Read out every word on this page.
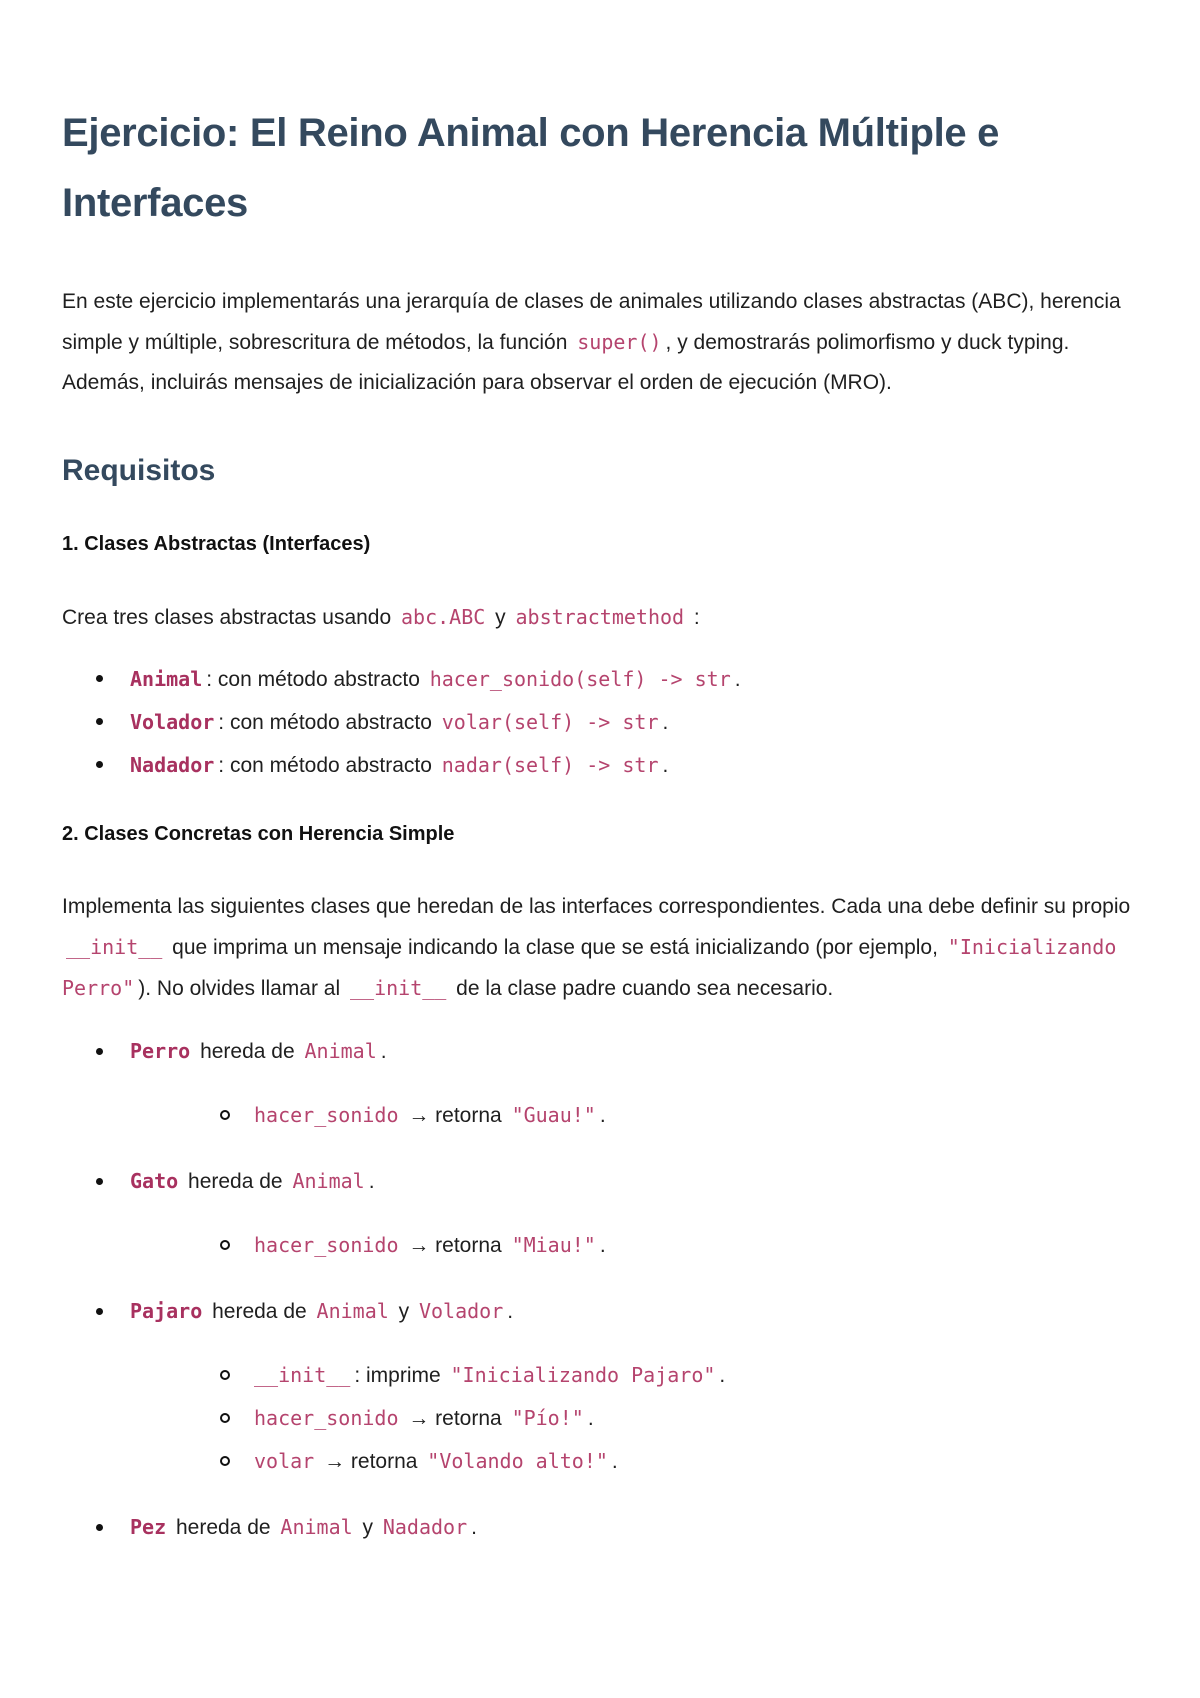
Ejercicio: El Reino Animal con Herencia Múltiple e Interfaces

En este ejercicio implementarás una jerarquía de clases de animales utilizando clases abstractas (ABC), herencia simple y múltiple, sobrescritura de métodos, la función super() , y demostrarás polimorfismo y duck typing. Además, incluirás mensajes de inicialización para observar el orden de ejecución (MRO).

Requisitos
1. Clases Abstractas (Interfaces)

Crea tres clases abstractas usando abc.ABC y abstractmethod :

Animal : con método abstracto hacer_sonido(self) -> str .
Volador : con método abstracto volar(self) -> str .
Nadador : con método abstracto nadar(self) -> str .
2. Clases Concretas con Herencia Simple

Implementa las siguientes clases que heredan de las interfaces correspondientes. Cada una debe definir su propio __init__ que imprima un mensaje indicando la clase que se está inicializando (por ejemplo, "Inicializando Perro" ). No olvides llamar al __init__ de la clase padre cuando sea necesario.

Perro hereda de Animal .
hacer_sonido → retorna "Guau!" .
Gato hereda de Animal .
hacer_sonido → retorna "Miau!" .
Pajaro hereda de Animal y Volador .
__init__ : imprime "Inicializando Pajaro" .
hacer_sonido → retorna "Pío!" .
volar → retorna "Volando alto!" .
Pez hereda de Animal y Nadador .
